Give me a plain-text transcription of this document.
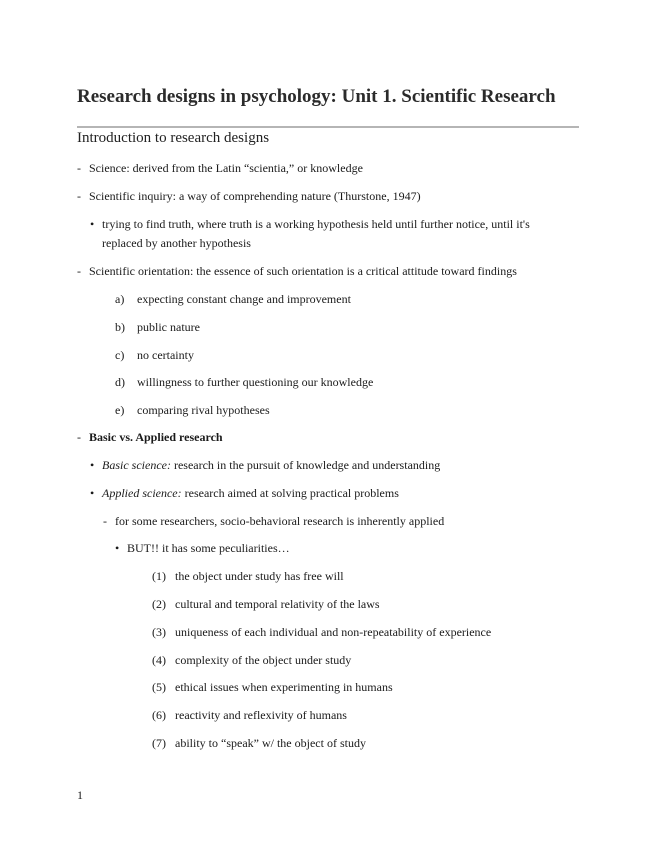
Research designs in psychology: Unit 1. Scientific Research
Introduction to research designs
- Science: derived from the Latin “scientia,” or knowledge
- Scientific inquiry: a way of comprehending nature (Thurstone, 1947)
• trying to find truth, where truth is a working hypothesis held until further notice, until it's
replaced by another hypothesis
- Scientific orientation: the essence of such orientation is a critical attitude toward findings
a) expecting constant change and improvement
b) public nature
c) no certainty
d) willingness to further questioning our knowledge
e) comparing rival hypotheses
- Basic vs. Applied research
• Basic science: research in the pursuit of knowledge and understanding
• Applied science: research aimed at solving practical problems
- for some researchers, socio-behavioral research is inherently applied
• BUT!! it has some peculiarities…
(1) the object under study has free will
(2) cultural and temporal relativity of the laws
(3) uniqueness of each individual and non-repeatability of experience
(4) complexity of the object under study
(5) ethical issues when experimenting in humans
(6) reactivity and reflexivity of humans
(7) ability to “speak” w/ the object of study
1
